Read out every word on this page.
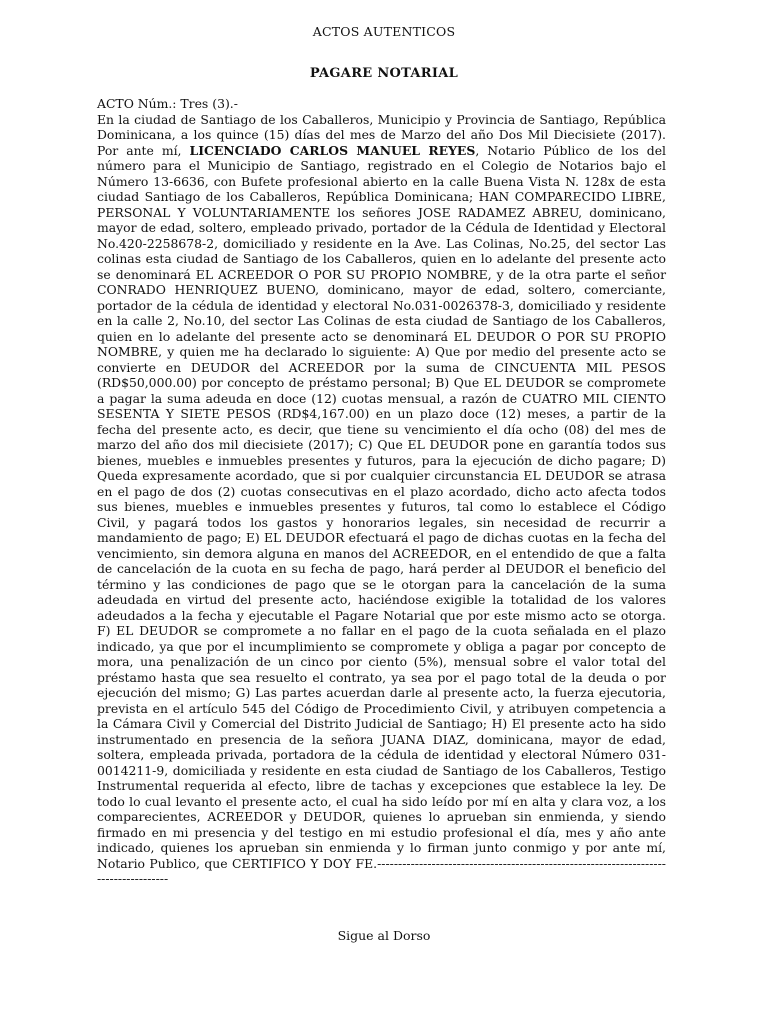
ACTOS AUTENTICOS
PAGARE NOTARIAL

ACTO Núm.: Tres (3).-

En la ciudad de Santiago de los Caballeros, Municipio y Provincia de Santiago, República Dominicana, a los quince (15) días del mes de Marzo del año Dos Mil Diecisiete (2017). Por ante mí, LICENCIADO CARLOS MANUEL REYES, Notario Público de los del número para el Municipio de Santiago, registrado en el Colegio de Notarios bajo el Número 13-6636, con Bufete profesional abierto en la calle Buena Vista N. 128x de esta ciudad Santiago de los Caballeros, República Dominicana; HAN COMPARECIDO LIBRE, PERSONAL Y VOLUNTARIAMENTE los señores JOSE RADAMEZ ABREU, dominicano, mayor de edad, soltero, empleado privado, portador de la Cédula de Identidad y Electoral No.420-2258678-2, domiciliado y residente en la Ave. Las Colinas, No.25, del sector Las colinas esta ciudad de Santiago de los Caballeros, quien en lo adelante del presente acto se denominará EL ACREEDOR O POR SU PROPIO NOMBRE, y de la otra parte el señor CONRADO HENRIQUEZ BUENO, dominicano, mayor de edad, soltero, comerciante, portador de la cédula de identidad y electoral No.031-0026378-3, domiciliado y residente en la calle 2, No.10, del sector Las Colinas de esta ciudad de Santiago de los Caballeros, quien en lo adelante del presente acto se denominará EL DEUDOR O POR SU PROPIO NOMBRE, y quien me ha declarado lo siguiente: A) Que por medio del presente acto se convierte en DEUDOR del ACREEDOR por la suma de CINCUENTA MIL PESOS (RD$50,000.00) por concepto de préstamo personal; B) Que EL DEUDOR se compromete a pagar la suma adeuda en doce (12) cuotas mensual, a razón de CUATRO MIL CIENTO SESENTA Y SIETE PESOS (RD$4,167.00) en un plazo doce (12) meses, a partir de la fecha del presente acto, es decir, que tiene su vencimiento el día ocho (08) del mes de marzo del año dos mil diecisiete (2017); C) Que EL DEUDOR pone en garantía todos sus bienes, muebles e inmuebles presentes y futuros, para la ejecución de dicho pagare; D) Queda expresamente acordado, que si por cualquier circunstancia EL DEUDOR se atrasa en el pago de dos (2) cuotas consecutivas en el plazo acordado, dicho acto afecta todos sus bienes, muebles e inmuebles presentes y futuros, tal como lo establece el Código Civil, y pagará todos los gastos y honorarios legales, sin necesidad de recurrir a mandamiento de pago; E) EL DEUDOR efectuará el pago de dichas cuotas en la fecha del vencimiento, sin demora alguna en manos del ACREEDOR, en el entendido de que a falta de cancelación de la cuota en su fecha de pago, hará perder al DEUDOR el beneficio del término y las condiciones de pago que se le otorgan para la cancelación de la suma adeudada en virtud del presente acto, haciéndose exigible la totalidad de los valores adeudados a la fecha y ejecutable el Pagare Notarial que por este mismo acto se otorga. F) EL DEUDOR se compromete a no fallar en el pago de la cuota señalada en el plazo indicado, ya que por el incumplimiento se compromete y obliga a pagar por concepto de mora, una penalización de un cinco por ciento (5%), mensual sobre el valor total del préstamo hasta que sea resuelto el contrato, ya sea por el pago total de la deuda o por ejecución del mismo; G) Las partes acuerdan darle al presente acto, la fuerza ejecutoria, prevista en el artículo 545 del Código de Procedimiento Civil, y atribuyen competencia a la Cámara Civil y Comercial del Distrito Judicial de Santiago; H) El presente acto ha sido instrumentado en presencia de la señora JUANA DIAZ, dominicana, mayor de edad, soltera, empleada privada, portadora de la cédula de identidad y electoral Número 031-0014211-9, domiciliada y residente en esta ciudad de Santiago de los Caballeros, Testigo Instrumental requerida al efecto, libre de tachas y excepciones que establece la ley. De todo lo cual levanto el presente acto, el cual ha sido leído por mí en alta y clara voz, a los comparecientes, ACREEDOR y DEUDOR, quienes lo aprueban sin enmienda, y siendo firmado en mi presencia y del testigo en mi estudio profesional el día, mes y año ante indicado, quienes los aprueban sin enmienda y lo firman junto conmigo y por ante mí, Notario Publico, que CERTIFICO Y DOY FE.--------------------------------------------------------------------------------------

Sigue al Dorso
